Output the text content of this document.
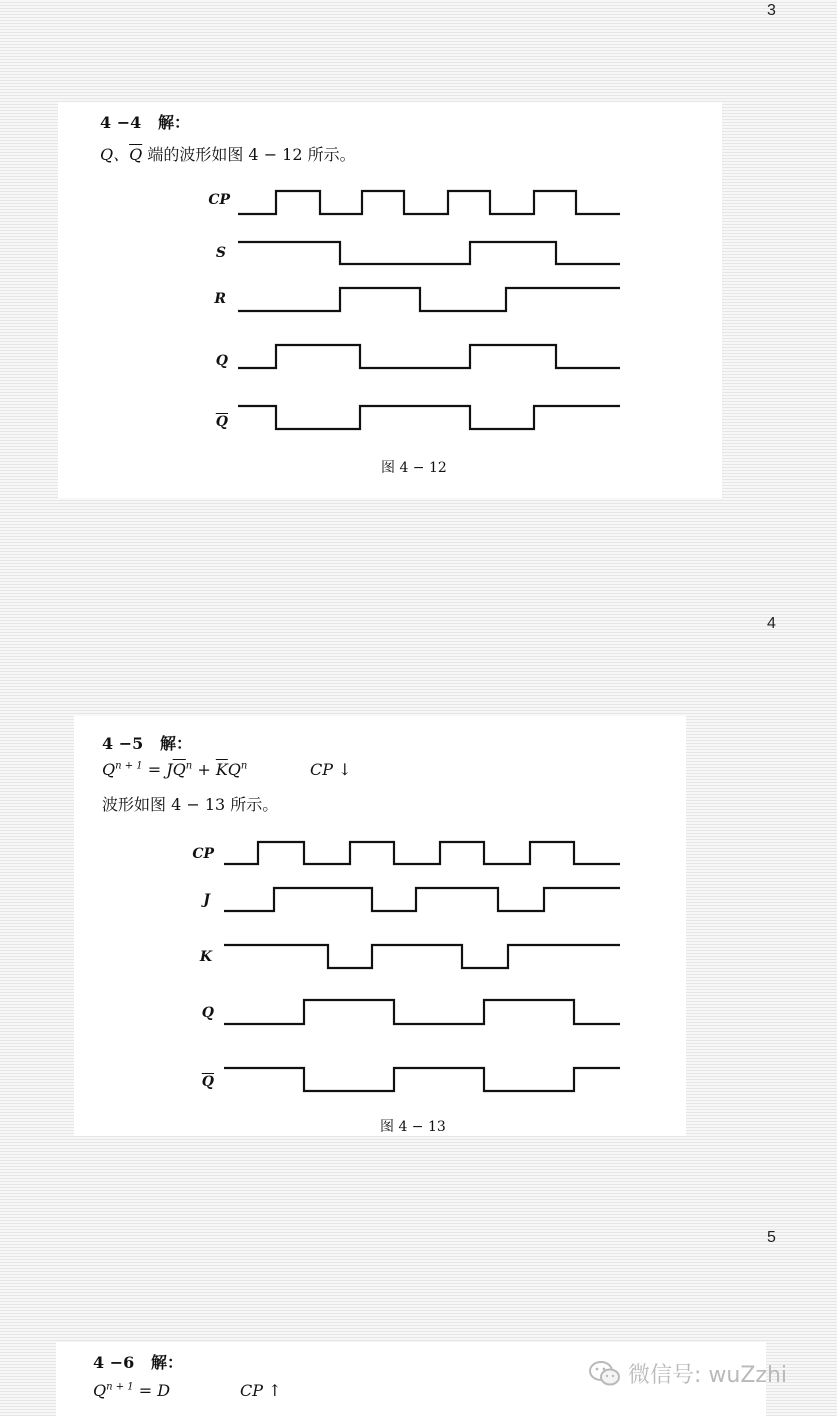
3
4
5
4 −4   解：
Q、$\overline{Q}$ 端的波形如图 4 − 12 所示。
CP
S
R
Q
$\overline{Q}$
图 4 − 12
4 −5   解：
$Q^{n + 1} = J\overline{Q}^n + \overline{K}Q^n$	CP ↓
波形如图 4 − 13 所示。
CP
J
K
Q
$\overline{Q}$
图 4 − 13
4 −6   解：
$Q^{n + 1} = D$	CP ↑
微信号: wuZzhi
